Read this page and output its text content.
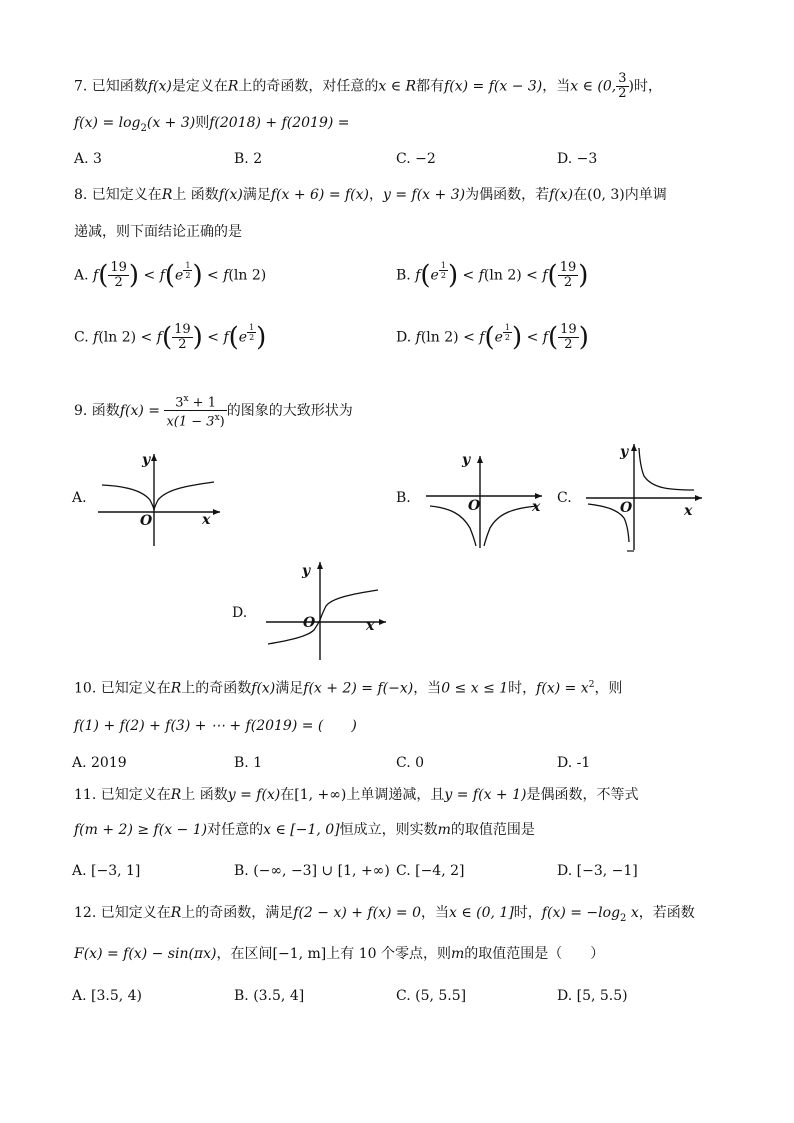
7. 已知函数f(x)是定义在R上的奇函数，对任意的x ∈ R都有f(x) = f(x − 3)，当x ∈ (0, $\frac{3}{2}$ )时，
$f(x) = \log_2(x + 3)$则f(2018) + f(2019) =
A. 3	B. 2	C. −2	D. −3
8. 已知定义在R上 函数f(x)满足f(x + 6) = f(x)，y = f(x + 3)为偶函数，若f(x)在(0, 3)内单调
递减，则下面结论正确的是
A. $f( \frac{19}{2}$ ) < f(e $^{\frac{1}{2}}$ ) < f(ln 2)	B. f(e $^{\frac{1}{2}}$ ) < f(ln $2) < f( \frac{19}{2}$ )
C. f(ln $2) < f( \frac{19}{2}$ ) < f(e $^{\frac{1}{2}}$ )	D. f(ln 2) < f(e $^{\frac{1}{2}}$ ) < $f( \frac{19}{2}$ )
9. 函数$f(x) = \frac{3^x + 1}{x(1 - 3^x)}$ 的图象的大致形状为
A.	B.	C.
D.
y
x
O
y
x
O
y
x
O
y
x
O
10. 已知定义在R上的奇函数f(x)满足f(x + 2) = f(−x)，当0 ≤ x ≤ 1时，$f(x) = x^2$，则
f(1) + f(2) + f(3) + ⋯ + f(2019) = (　　)
A. 2019	B. 1	C. 0	D. -1
11. 已知定义在R上 函数y = f(x)在[1, +∞)上单调递减，且y = f(x + 1)是偶函数，不等式
f(m + 2) ≥ f(x − 1)对任意的x ∈ [−1, 0]恒成立，则实数m的取值范围是
A. [−3, 1]	B. (−∞, −3] ∪ [1, +∞) C. [−4, 2]	D. [−3, −1]
12. 已知定义在R上的奇函数，满足f(2 − x) + f(x) = 0，当x ∈ (0, 1]时，$f(x) = -\log_2$ x，若函数
F(x) = f(x) − sin(πx)，在区间[−1, m]上有 10 个零点，则m的取值范围是（　　）
A. [3.5, 4)	B. (3.5, 4]	C. (5, 5.5]	D. [5, 5.5)
